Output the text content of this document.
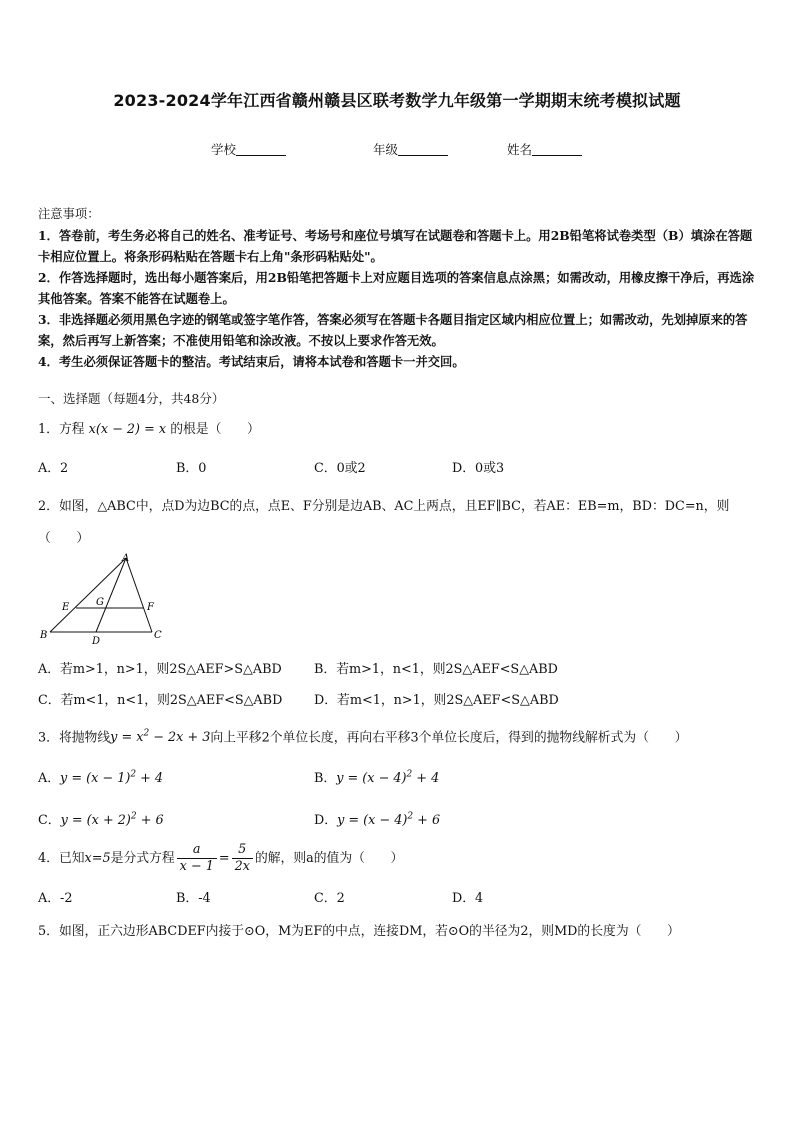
2023-2024学年江西省赣州赣县区联考数学九年级第一学期期末统考模拟试题
学校	年级	姓名

注意事项：

1．答卷前，考生务必将自己的姓名、准考证号、考场号和座位号填写在试题卷和答题卡上。用2B铅笔将试卷类型（B）填涂在答题卡相应位置上。将条形码粘贴在答题卡右上角"条形码粘贴处"。

2．作答选择题时，选出每小题答案后，用2B铅笔把答题卡上对应题目选项的答案信息点涂黑；如需改动，用橡皮擦干净后，再选涂其他答案。答案不能答在试题卷上。

3．非选择题必须用黑色字迹的钢笔或签字笔作答，答案必须写在答题卡各题目指定区域内相应位置上；如需改动，先划掉原来的答案，然后再写上新答案；不准使用铅笔和涂改液。不按以上要求作答无效。

4．考生必须保证答题卡的整洁。考试结束后，请将本试卷和答题卡一并交回。

一、选择题（每题4分，共48分）
1．方程 x(x − 2) = x 的根是（　　）
A．2	B．0	C．0或2	D．0或3
2．如图，△ABC中，点D为边BC的点，点E、F分别是边AB、AC上两点，且EF∥BC，若AE：EB=m，BD：DC=n，则（　　）
A
B	C
D
E	F
G
A．若m>1，n>1，则2S△AEF>S△ABD	B．若m>1，n<1，则2S△AEF<S△ABD
C．若m<1，n<1，则2S△AEF<S△ABD D．若m<1，n>1，则2S△AEF<S△ABD
3．将抛物线$y = x^2 - 2x + 3$向上平移2个单位长度，再向右平移3个单位长度后，得到的抛物线解析式为（　　）
A．$y = (x - 1)^2 + 4$	B．$y = (x - 4)^2 + 4$
C．$y = (x + 2)^2 + 6$	D．$y = (x - 4)^2 + 6$
4．已知x=5是分式方程 $\frac{a}{x - 1} = \frac{5}{2x}$ 的解，则a的值为（　　）
A．-2	B．-4	C．2	D．4
5．如图，正六边形ABCDEF内接于⊙O，M为EF的中点，连接DM，若⊙O的半径为2，则MD的长度为（　　）
